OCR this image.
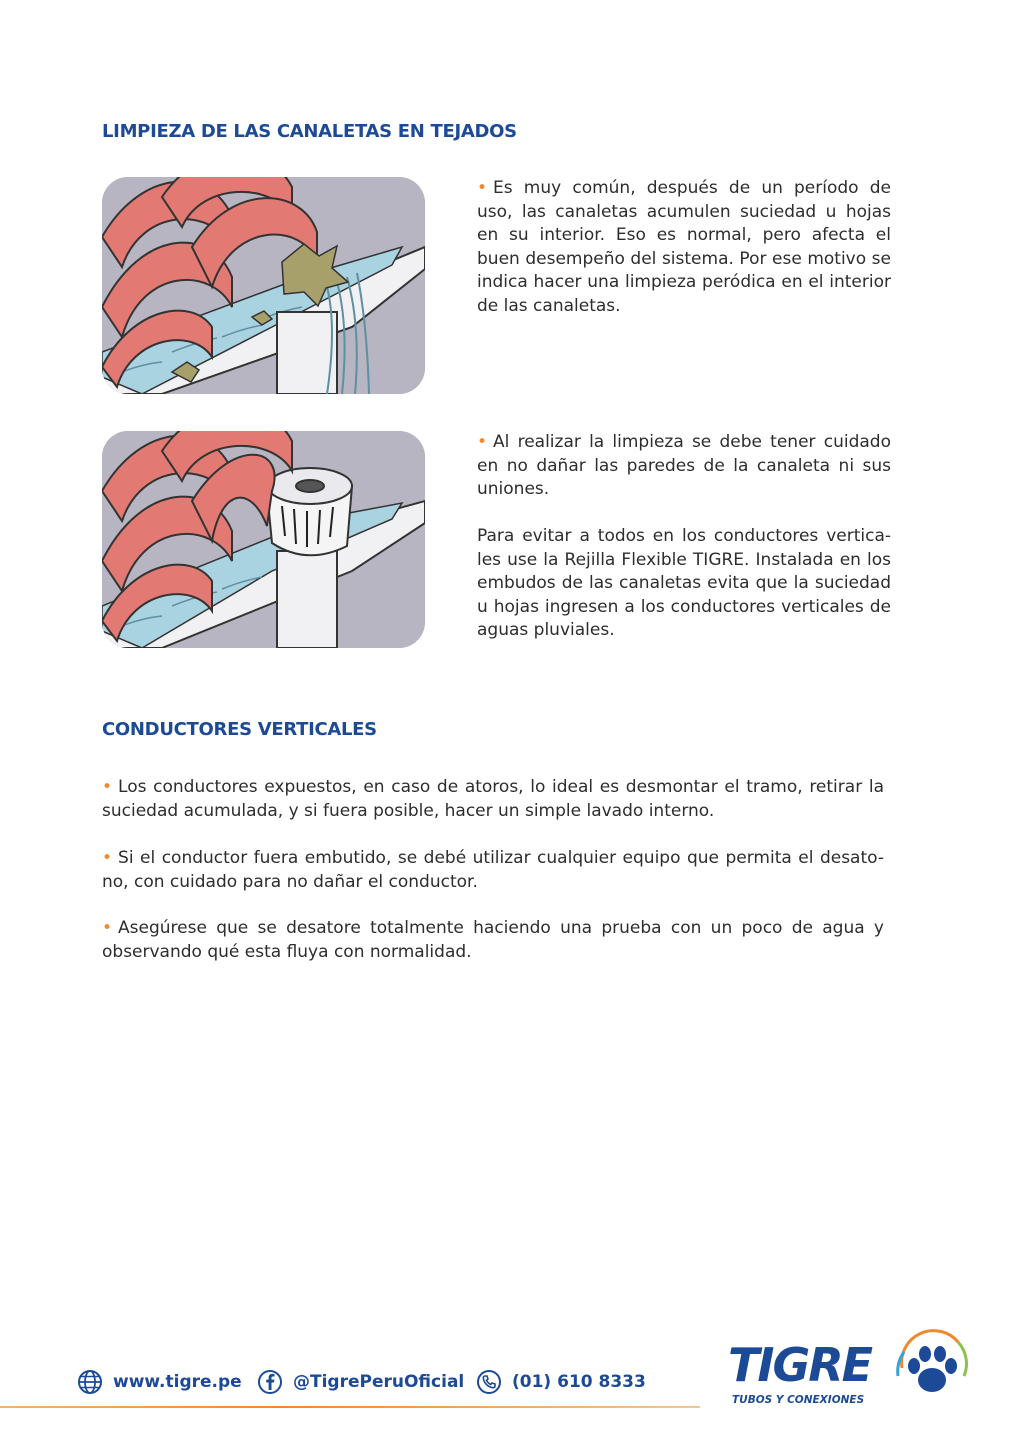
LIMPIEZA DE LAS CANALETAS EN TEJADOS

• Es muy común, después de un período de uso, las canaletas acumulen suciedad u hojas en su interior. Eso es normal, pero afecta el buen desempeño del sistema. Por ese motivo se indica hacer una limpieza peródica en el interior de las canaletas.

• Al realizar la limpieza se debe tener cuidado en no dañar las paredes de la canaleta ni sus uniones.

Para evitar a todos en los conductores vertica-les use la Rejilla Flexible TIGRE. Instalada en los embudos de las canaletas evita que la suciedad u hojas ingresen a los conductores verticales de aguas pluviales.

CONDUCTORES VERTICALES

• Los conductores expuestos, en caso de atoros, lo ideal es desmontar el tramo, retirar la suciedad acumulada, y si fuera posible, hacer un simple lavado interno.

• Si el conductor fuera embutido, se debé utilizar cualquier equipo que permita el desato-no, con cuidado para no dañar el conductor.

• Asegúrese que se desatore totalmente haciendo una prueba con un poco de agua y observando qué esta fluya con normalidad.

www.tigre.pe	@TigrePeruOficial	(01) 610 8333 TIGRE
TUBOS Y CONEXIONES
